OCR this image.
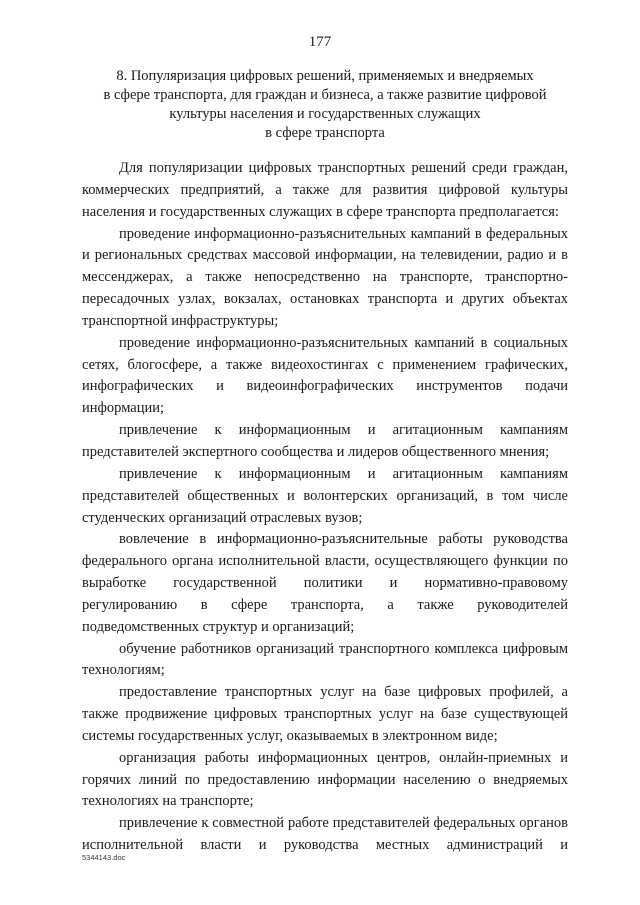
177
8. Популяризация цифровых решений, применяемых и внедряемых
в сфере транспорта, для граждан и бизнеса, а также развитие цифровой
культуры населения и государственных служащих
в сфере транспорта

Для популяризации цифровых транспортных решений среди граждан, коммерческих предприятий, а также для развития цифровой культуры населения и государственных служащих в сфере транспорта предполагается:

проведение информационно-разъяснительных кампаний в федеральных и региональных средствах массовой информации, на телевидении, радио и в мессенджерах, а также непосредственно на транспорте, транспортно-пересадочных узлах, вокзалах, остановках транспорта и других объектах транспортной инфраструктуры;

проведение информационно-разъяснительных кампаний в социальных сетях, блогосфере, а также видеохостингах с применением графических, инфографических и видеоинфографических инструментов подачи информации;

привлечение к информационным и агитационным кампаниям представителей экспертного сообщества и лидеров общественного мнения;

привлечение к информационным и агитационным кампаниям представителей общественных и волонтерских организаций, в том числе студенческих организаций отраслевых вузов;

вовлечение в информационно-разъяснительные работы руководства федерального органа исполнительной власти, осуществляющего функции по выработке государственной политики и нормативно-правовому регулированию в сфере транспорта, а также руководителей подведомственных структур и организаций;

обучение работников организаций транспортного комплекса цифровым технологиям;

предоставление транспортных услуг на базе цифровых профилей, а также продвижение цифровых транспортных услуг на базе существующей системы государственных услуг, оказываемых в электронном виде;

организация работы информационных центров, онлайн-приемных и горячих линий по предоставлению информации населению о внедряемых технологиях на транспорте;

привлечение к совместной работе представителей федеральных органов исполнительной власти и руководства местных администраций и

5344143.doc
